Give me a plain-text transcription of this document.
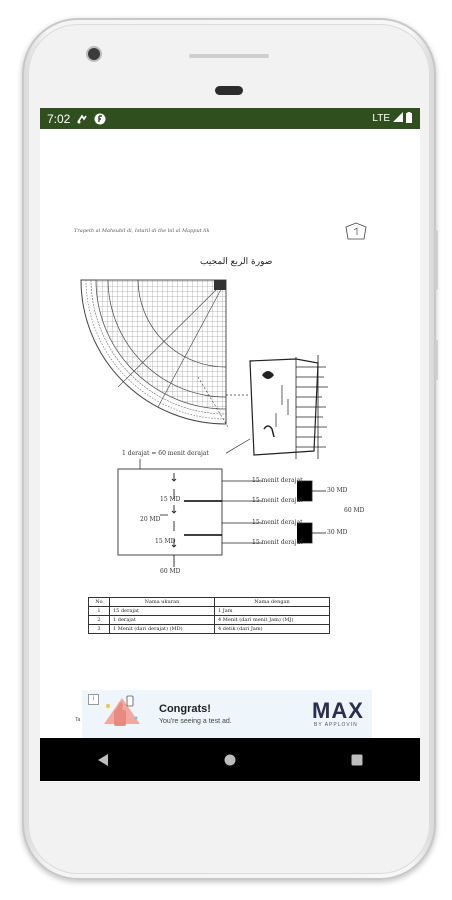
7:02	LTE
Trapeth al Mahsubil di, Istaril di the bil al Mapput lik
صورة الربع المجيب
1 derajat = 60 menit derajat
15 MD
20 MD
15 MD
60 MD
15 menit derajat
15 menit derajat
15 menit derajat
15 menit derajat
30 MD
60 MD
30 MD
No	Nama ukuran	Nama dengan
1	15 derajat	1 Jam
2	1 derajat	4 Menit (dari menit Jam) (MJ)
3	1 Menit (dari derajat) (MD)	4 detik (dari Jam)
Ta
i
Congrats!
You're seeing a test ad.	MAX
BY APPLOVIN
